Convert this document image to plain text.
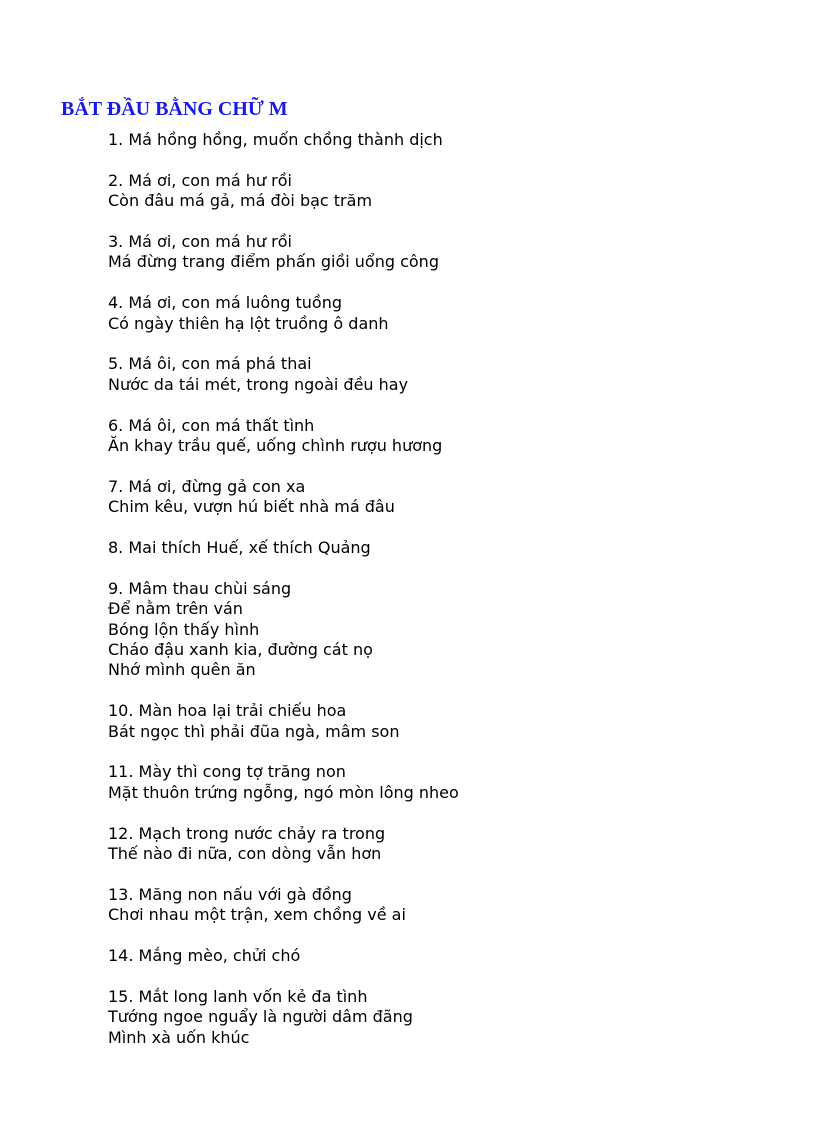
BẮT ĐẦU BẰNG CHỮ M
1. Má hồng hồng, muốn chồng thành dịch
2. Má ơi, con má hư rồi
Còn đâu má gả, má đòi bạc trăm
3. Má ơi, con má hư rồi
Má đừng trang điểm phấn giồi uổng công
4. Má ơi, con má luông tuồng
Có ngày thiên hạ lột truồng ô danh
5. Má ôi, con má phá thai
Nước da tái mét, trong ngoài đều hay
6. Má ôi, con má thất tình
Ăn khay trầu quế, uống chình rượu hương
7. Má ơi, đừng gả con xa
Chim kêu, vượn hú biết nhà má đâu
8. Mai thích Huế, xế thích Quảng
9. Mâm thau chùi sáng
Để nằm trên ván
Bóng lộn thấy hình
Cháo đậu xanh kia, đường cát nọ
Nhớ mình quên ăn
10. Màn hoa lại trải chiếu hoa
Bát ngọc thì phải đũa ngà, mâm son
11. Mày thì cong tợ trăng non
Mặt thuôn trứng ngỗng, ngó mòn lông nheo
12. Mạch trong nước chảy ra trong
Thế nào đi nữa, con dòng vẫn hơn
13. Măng non nấu với gà đồng
Chơi nhau một trận, xem chồng về ai
14. Mắng mèo, chửi chó
15. Mắt long lanh vốn kẻ đa tình
Tướng ngoe nguẩy là người dâm đãng
Mình xà uốn khúc
